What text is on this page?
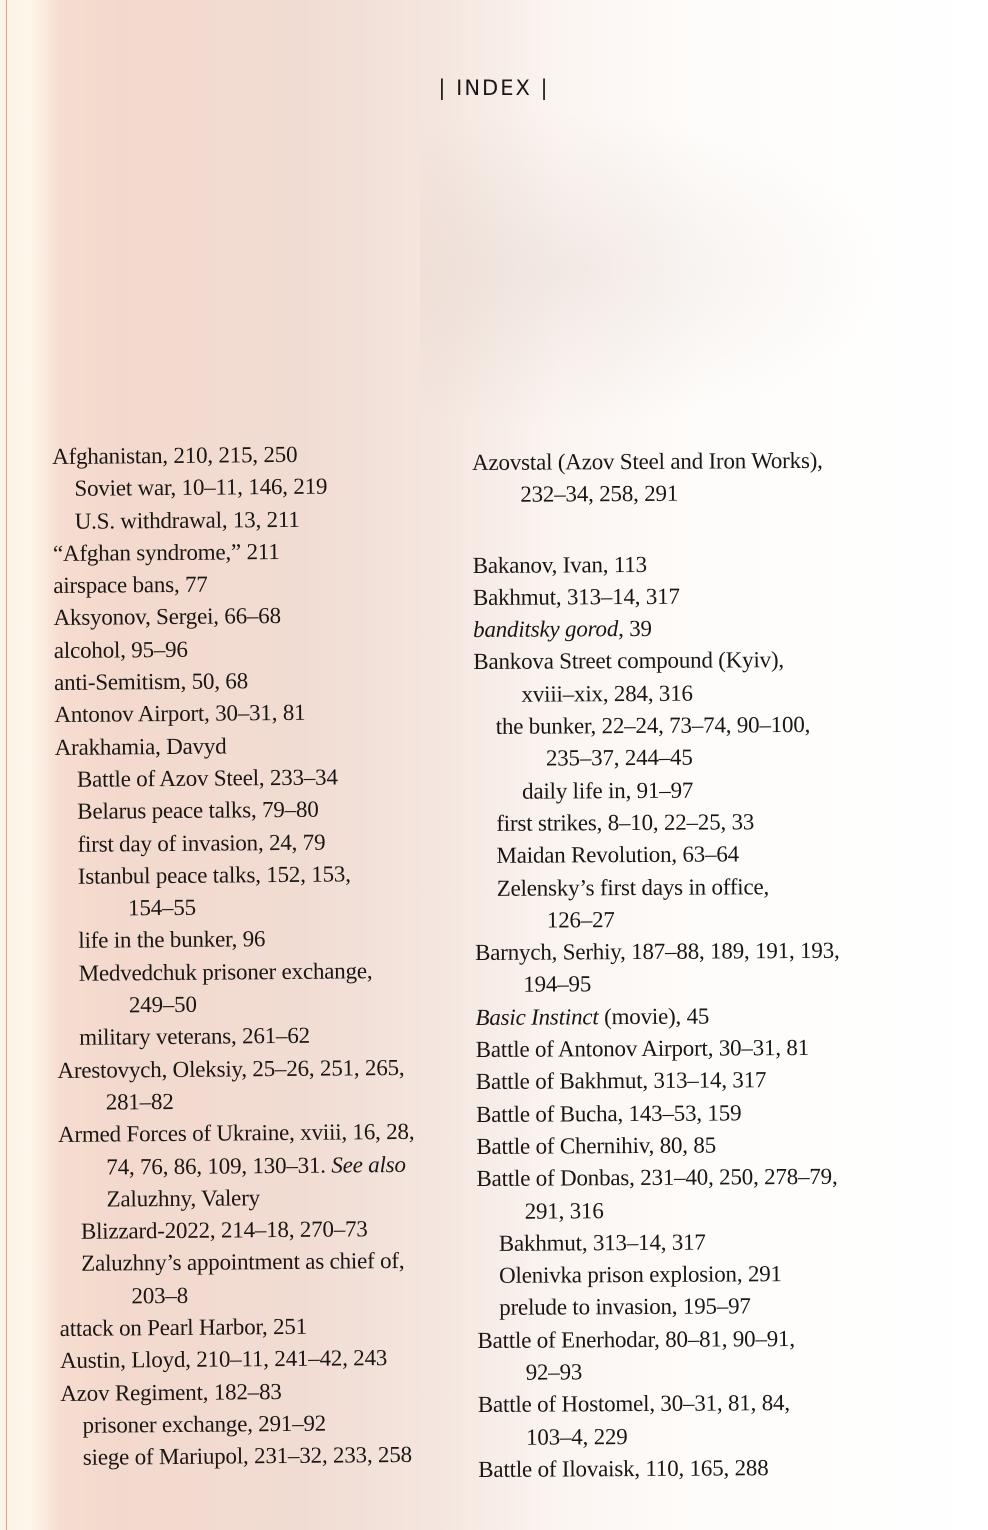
| INDEX |
Afghanistan, 210, 215, 250
Soviet war, 10–11, 146, 219
U.S. withdrawal, 13, 211
“Afghan syndrome,” 211
airspace bans, 77
Aksyonov, Sergei, 66–68
alcohol, 95–96
anti-Semitism, 50, 68
Antonov Airport, 30–31, 81
Arakhamia, Davyd
Battle of Azov Steel, 233–34
Belarus peace talks, 79–80
first day of invasion, 24, 79
Istanbul peace talks, 152, 153,
154–55
life in the bunker, 96
Medvedchuk prisoner exchange,
249–50
military veterans, 261–62
Arestovych, Oleksiy, 25–26, 251, 265,
281–82
Armed Forces of Ukraine, xviii, 16, 28,
74, 76, 86, 109, 130–31. See also
Zaluzhny, Valery
Blizzard-2022, 214–18, 270–73
Zaluzhny’s appointment as chief of,
203–8
attack on Pearl Harbor, 251
Austin, Lloyd, 210–11, 241–42, 243
Azov Regiment, 182–83
prisoner exchange, 291–92
siege of Mariupol, 231–32, 233, 258
Azovstal (Azov Steel and Iron Works),
232–34, 258, 291
Bakanov, Ivan, 113
Bakhmut, 313–14, 317
banditsky gorod, 39
Bankova Street compound (Kyiv),
xviii–xix, 284, 316
the bunker, 22–24, 73–74, 90–100,
235–37, 244–45
daily life in, 91–97
first strikes, 8–10, 22–25, 33
Maidan Revolution, 63–64
Zelensky’s first days in office,
126–27
Barnych, Serhiy, 187–88, 189, 191, 193,
194–95
Basic Instinct (movie), 45
Battle of Antonov Airport, 30–31, 81
Battle of Bakhmut, 313–14, 317
Battle of Bucha, 143–53, 159
Battle of Chernihiv, 80, 85
Battle of Donbas, 231–40, 250, 278–79,
291, 316
Bakhmut, 313–14, 317
Olenivka prison explosion, 291
prelude to invasion, 195–97
Battle of Enerhodar, 80–81, 90–91,
92–93
Battle of Hostomel, 30–31, 81, 84,
103–4, 229
Battle of Ilovaisk, 110, 165, 288
